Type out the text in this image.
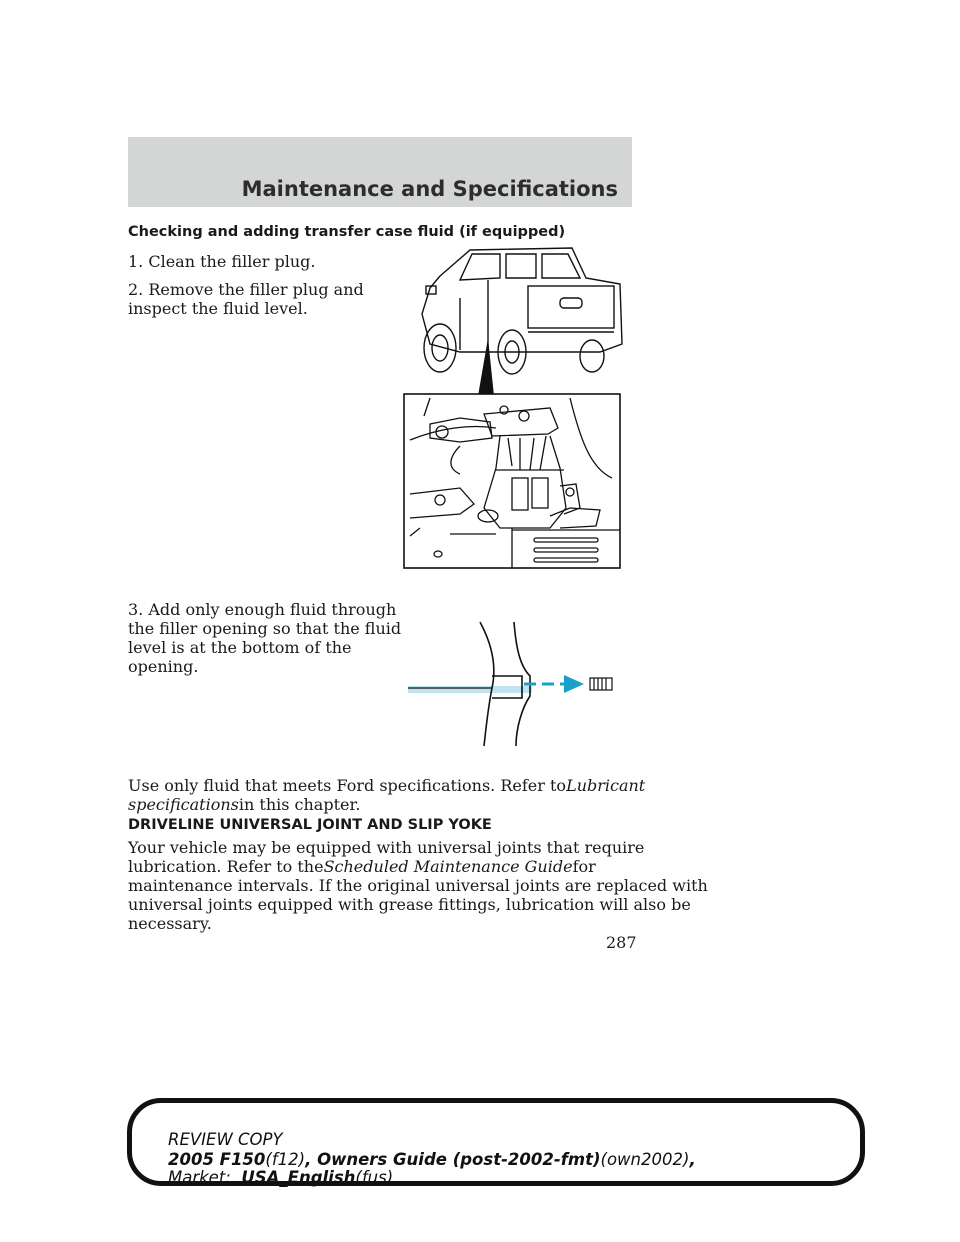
Maintenance and Specifications

Checking and adding transfer case fluid (if equipped)

1. Clean the filler plug.

2. Remove the filler plug and

inspect the fluid level.

3. Add only enough fluid through

the filler opening so that the fluid

level is at the bottom of the

opening.

Use only fluid that meets Ford specifications. Refer toLubricant

specificationsin this chapter.

DRIVELINE UNIVERSAL JOINT AND SLIP YOKE

Your vehicle may be equipped with universal joints that require

lubrication. Refer to theScheduled Maintenance Guidefor

maintenance intervals. If the original universal joints are replaced with

universal joints equipped with grease fittings, lubrication will also be

necessary.

287
REVIEW COPY
2005 F150(f12), Owners Guide (post-2002-fmt)(own2002),
Market: USA_English(fus)
